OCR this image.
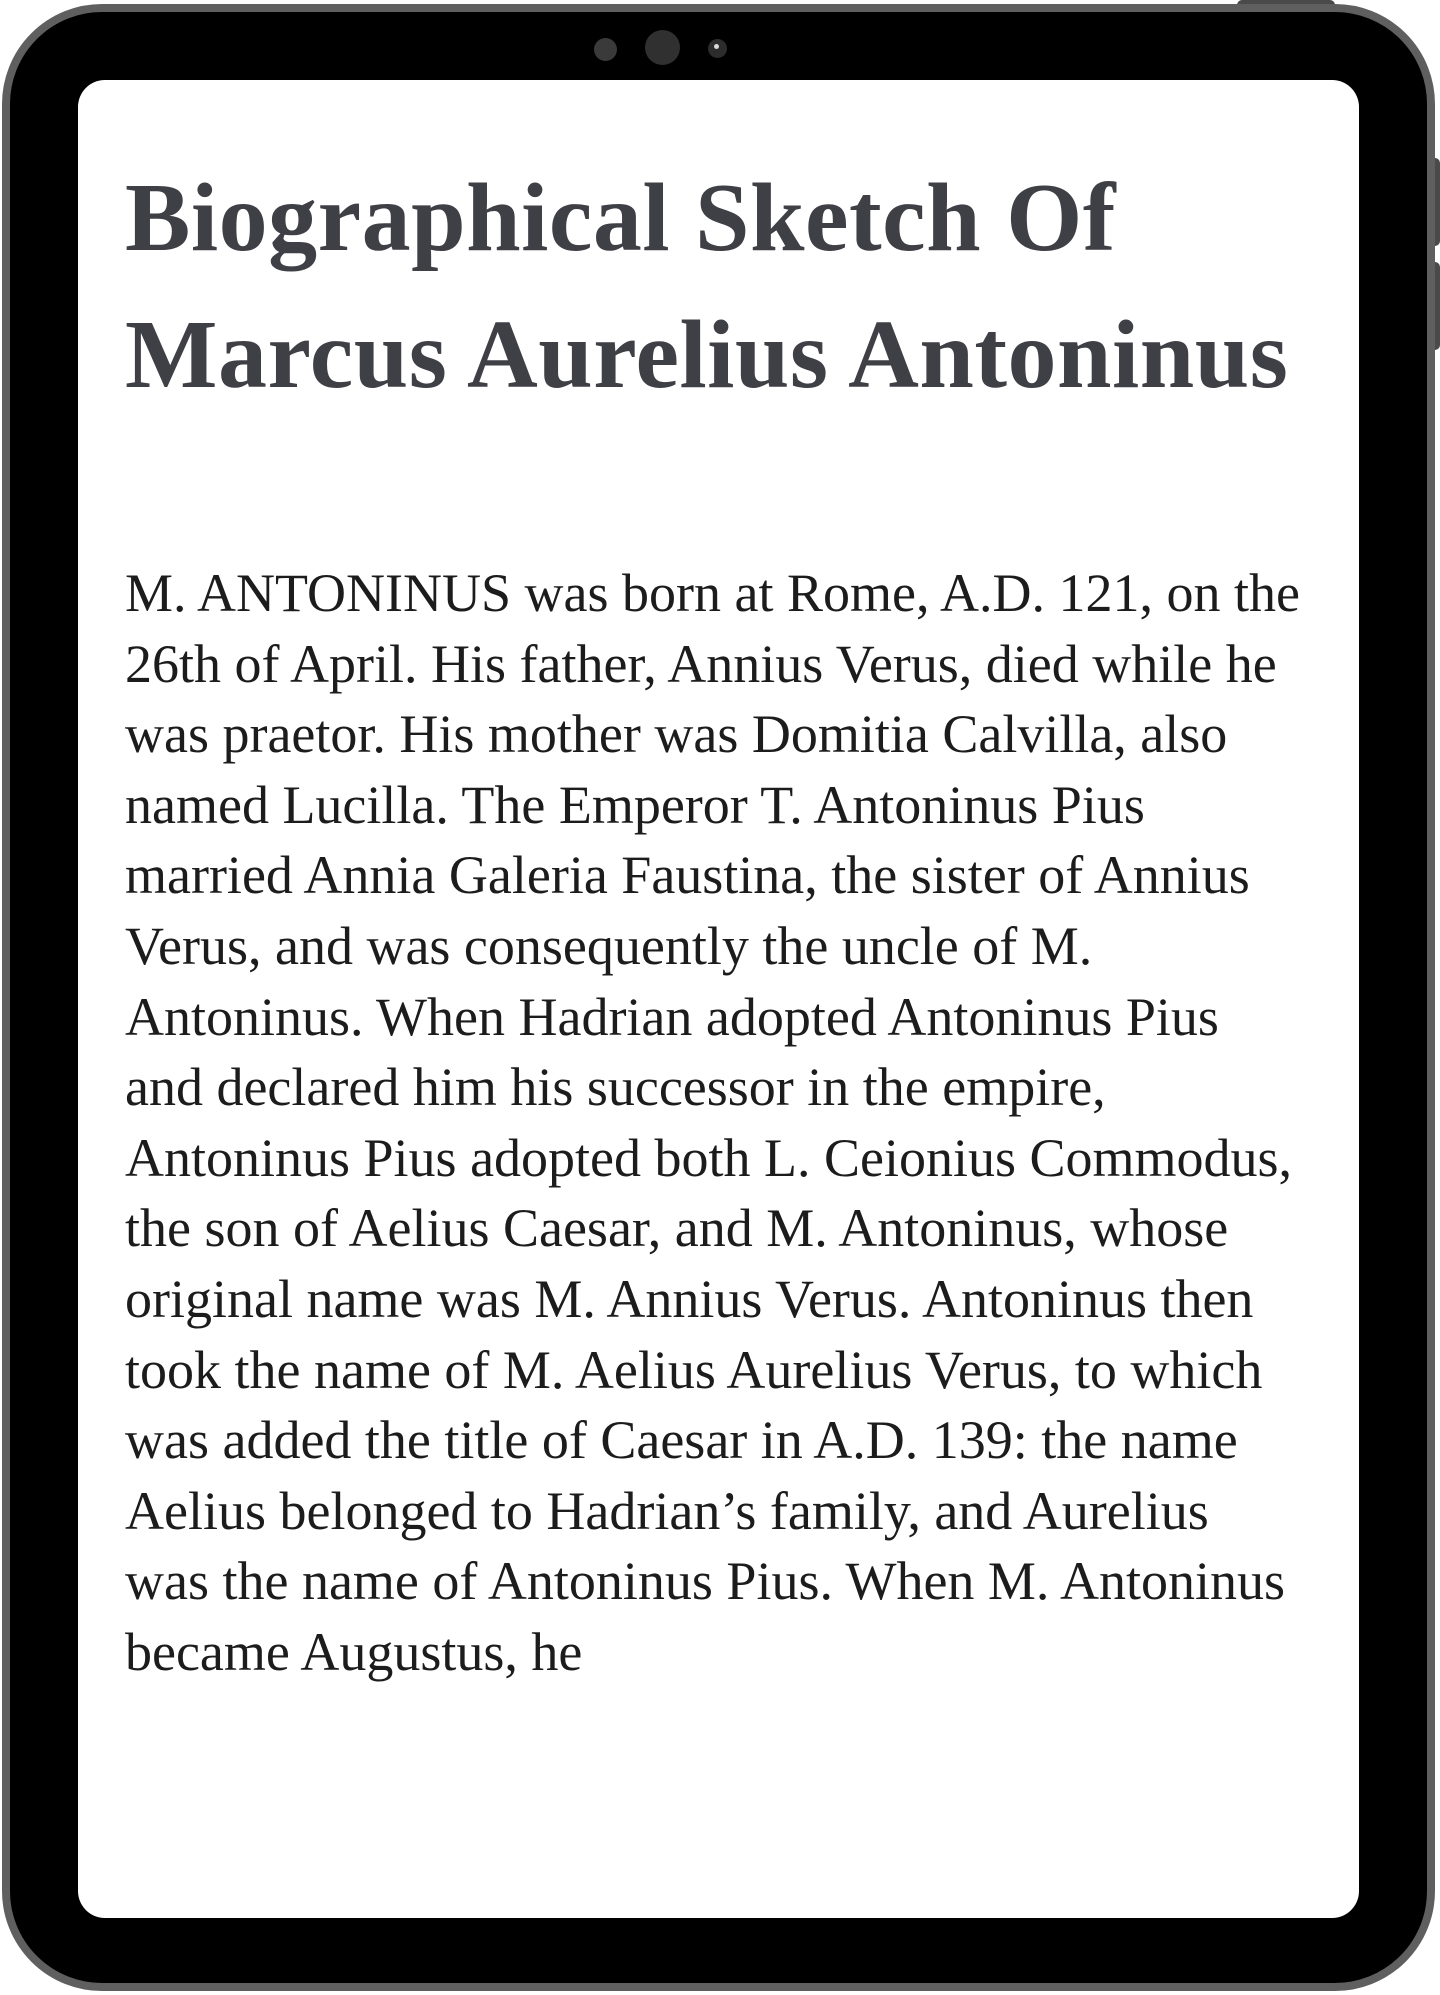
Biographical Sketch Of Marcus Aurelius Antoninus

M. ANTONINUS was born at Rome, A.D. 121, on the 26th of April. His father, Annius Verus, died while he was praetor. His mother was Domitia Calvilla, also named Lucilla. The Emperor T. Antoninus Pius married Annia Galeria Faustina, the sister of Annius Verus, and was consequently the uncle of M. Antoninus. When Hadrian adopted Antoninus Pius and declared him his successor in the empire, Antoninus Pius adopted both L. Ceionius Commodus, the son of Aelius Caesar, and M. Antoninus, whose original name was M. Annius Verus. Antoninus then took the name of M. Aelius Aurelius Verus, to which was added the title of Caesar in A.D. 139: the name Aelius belonged to Hadrian’s family, and Aurelius was the name of Antoninus Pius. When M. Antoninus became Augustus, he
